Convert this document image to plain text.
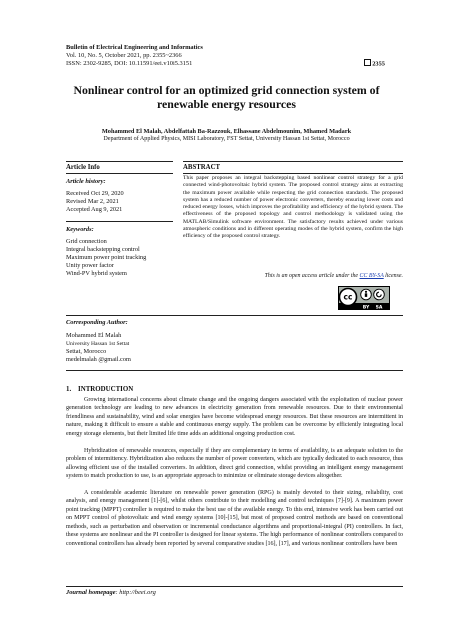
Bulletin of Electrical Engineering and Informatics
Vol. 10, No. 5, October 2021, pp. 2355~2366
ISSN: 2302-9285, DOI: 10.11591/eei.v10i5.3151	2355
Nonlinear control for an optimized grid connection system of
renewable energy resources
Mohammed El Malah, Abdelfattah Ba-Razzouk, Elhassane Abdelmounim, Mhamed Madark
Department of Applied Physics, MISI Laboratory, FST Settat, University Hassan 1st Settat, Morocco
Article Info
Article history:
Received Oct 29, 2020
Revised Mar 2, 2021
Accepted Aug 9, 2021
Keywords:
Grid connection
Integral backstepping control
Maximum power point tracking
Unity power factor
Wind-PV hybrid system
ABSTRACT
This paper proposes an integral backstepping based nonlinear control strategy for a grid connected wind-photovoltaic hybrid system. The proposed control strategy aims at extracting the maximum power available while respecting the grid connection standards. The proposed system has a reduced number of power electronic converters, thereby ensuring lower costs and reduced energy losses, which improves the profitability and efficiency of the hybrid system. The effectiveness of the proposed topology and control methodology is validated using the MATLAB/Simulink software environment. The satisfactory results achieved under various atmospheric conditions and in different operating modes of the hybrid system, confirm the high efficiency of the proposed control strategy.
This is an open access article under the CC BY-SA license.
cc
BY SA
Corresponding Author:
Mohammed El Malah
University Hassan 1st Settat
Settat, Morocco
medelmalah @gmail.com
1.    INTRODUCTION
Growing international concerns about climate change and the ongoing dangers associated with the exploitation of nuclear power generation technology are leading to new advances in electricity generation from renewable resources. Due to their environmental friendliness and sustainability, wind and solar energies have become widespread energy resources. But these resources are intermittent in nature, making it difficult to ensure a stable and continuous energy supply. The problem can be overcome by efficiently integrating local energy storage elements, but their limited life time adds an additional ongoing production cost.
Hybridization of renewable resources, especially if they are complementary in terms of availability, is an adequate solution to the problem of intermittency. Hybridization also reduces the number of power converters, which are typically dedicated to each resource, thus allowing efficient use of the installed converters. In addition, direct grid connection, whilst providing an intelligent energy management system to match production to use, is an appropriate approach to minimize or eliminate storage devices altogether.
A considerable academic literature on renewable power generation (RPG) is mainly devoted to their sizing, reliability, cost analysis, and energy management [1]-[6], whilst others contribute to their modelling and control techniques [7]-[9]. A maximum power point tracking (MPPT) controller is required to make the best use of the available energy. To this end, intensive work has been carried out on MPPT control of photovoltaic and wind energy systems [10]-[15], but most of proposed control methods are based on conventional methods, such as perturbation and observation or incremental conductance algorithms and proportional-integral (PI) controllers. In fact, these systems are nonlinear and the PI controller is designed for linear systems. The high performance of nonlinear controllers compared to conventional controllers has already been reported by several comparative studies [16], [17], and various nonlinear controllers have been
Journal homepage: http://beei.org
